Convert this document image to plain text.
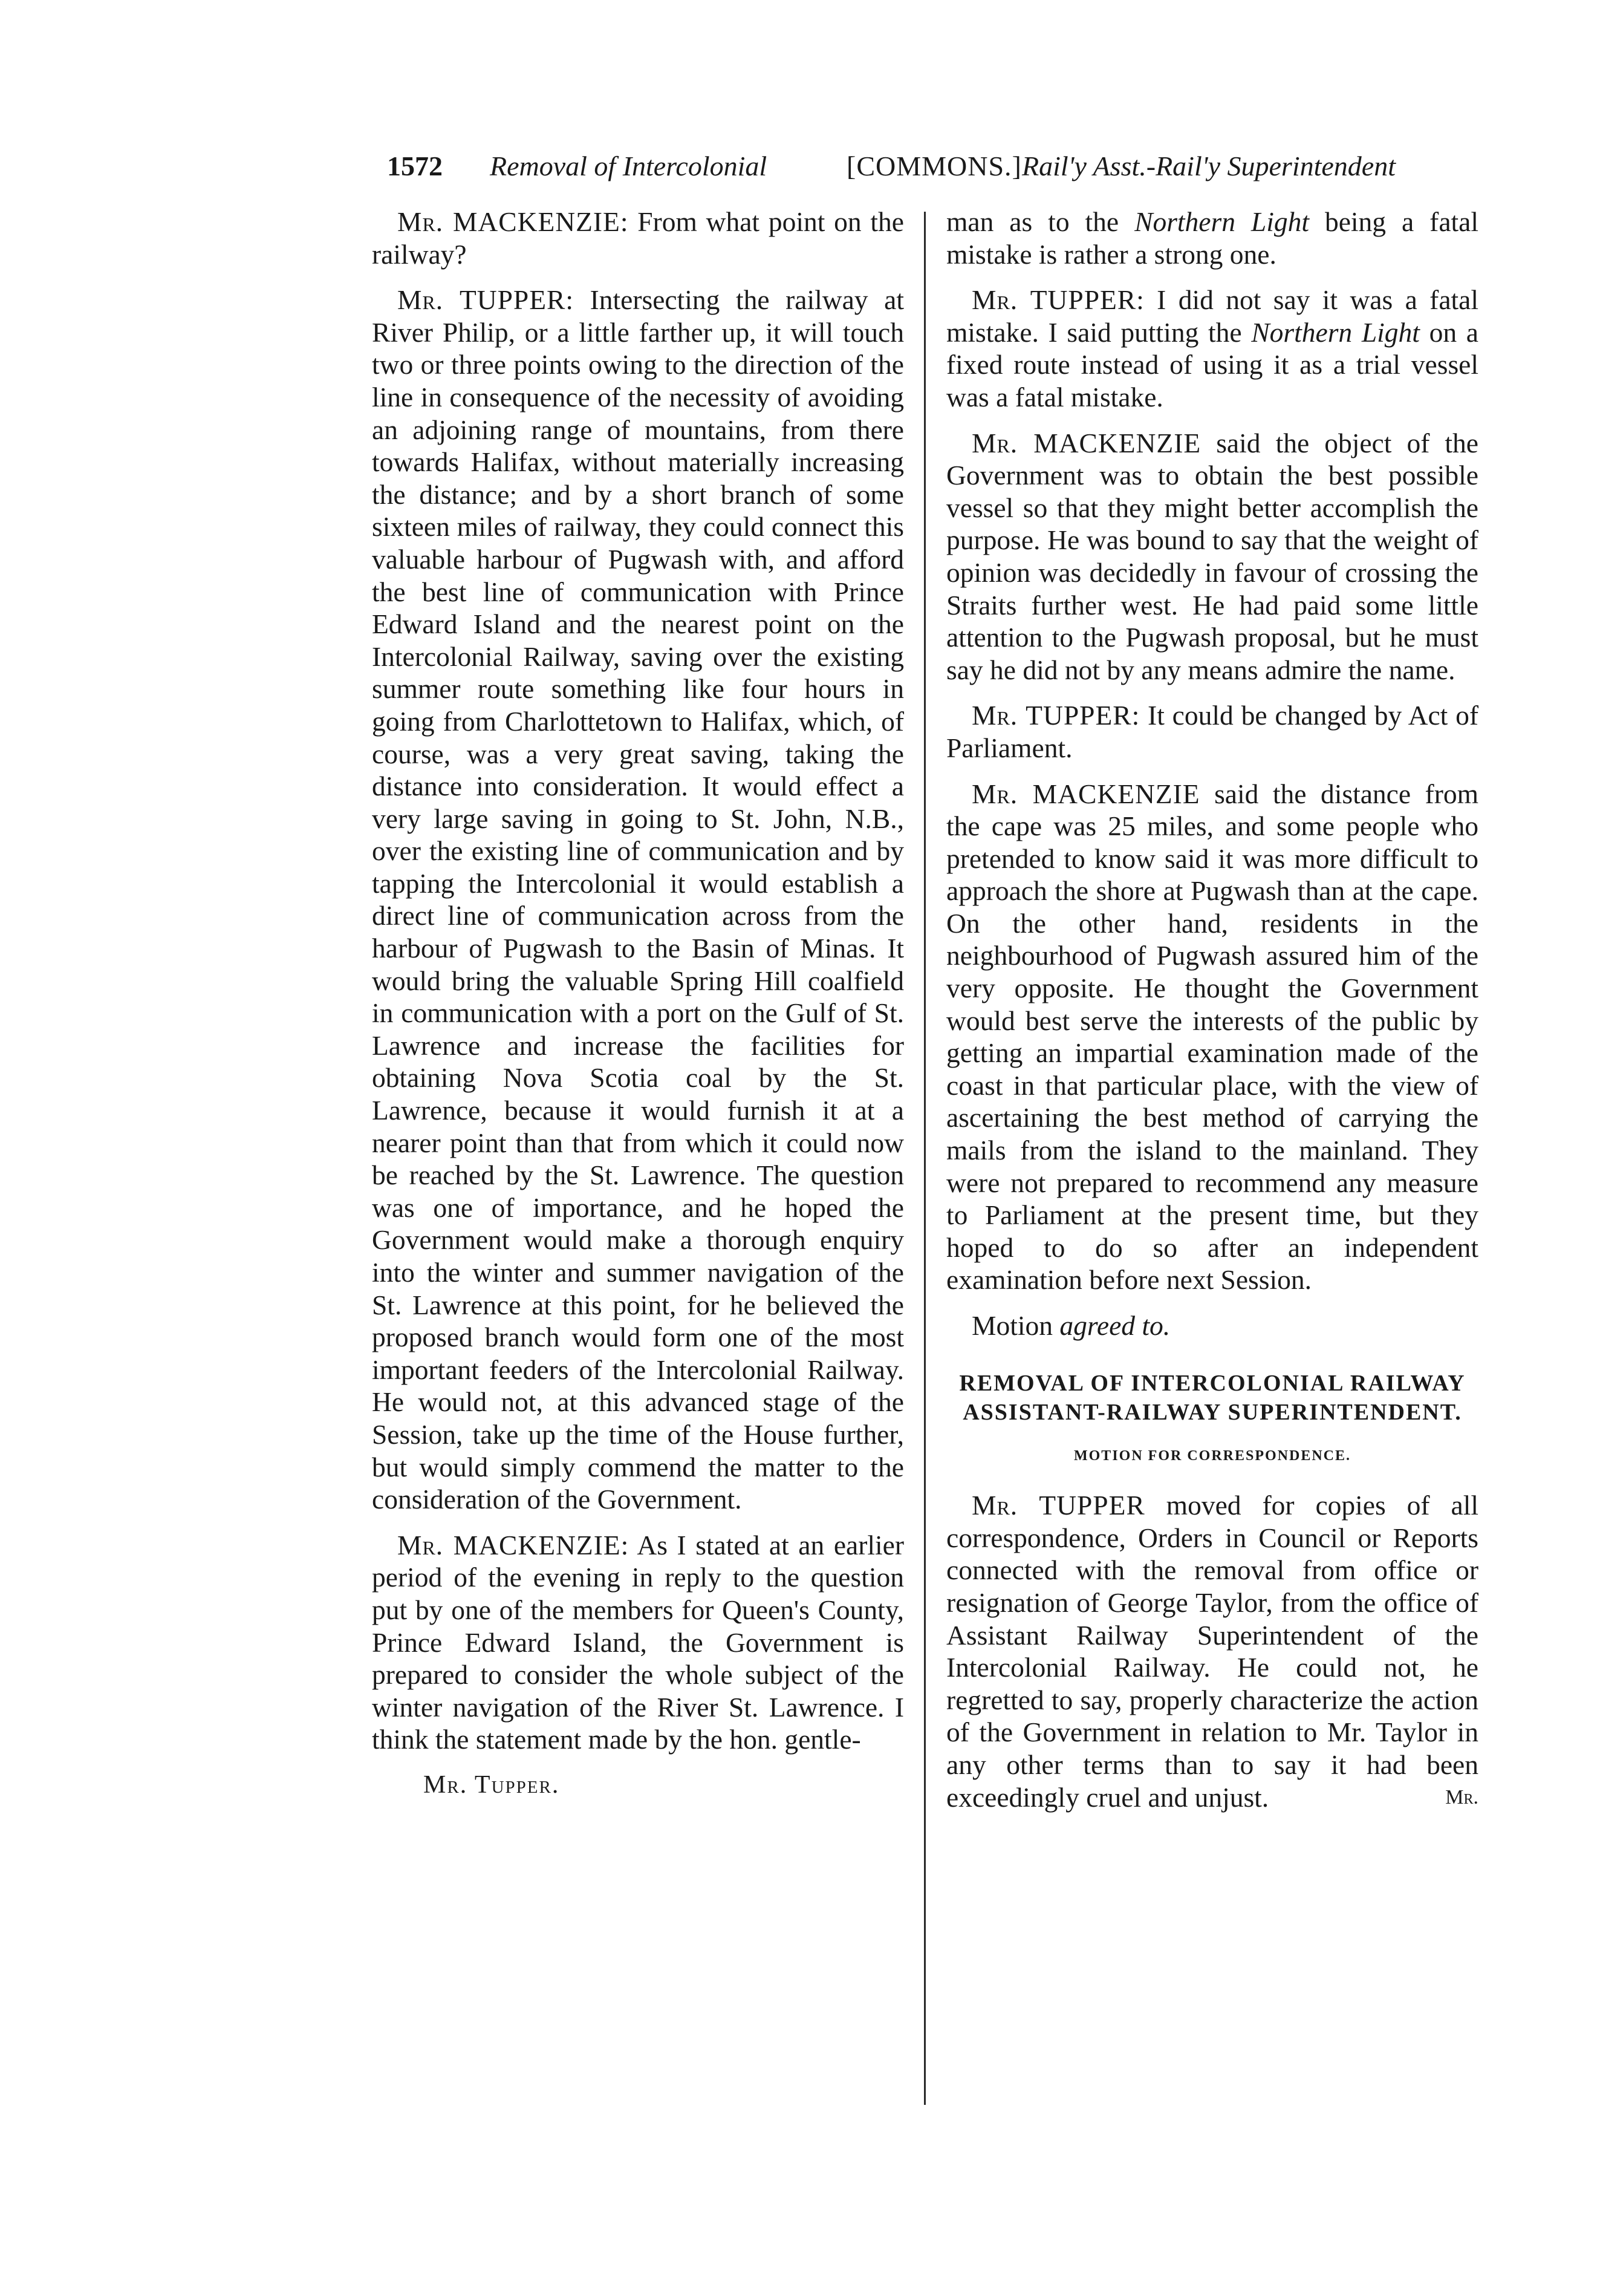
1572 Removal of Intercolonial	[COMMONS.] Rail'y Asst.-Rail'y Superintendent

Mr. MACKENZIE: From what point on the railway?

Mr. TUPPER: Intersecting the railway at River Philip, or a little farther up, it will touch two or three points owing to the direction of the line in consequence of the necessity of avoiding an adjoining range of mountains, from there towards Halifax, without materially increasing the distance; and by a short branch of some sixteen miles of railway, they could connect this valuable harbour of Pugwash with, and afford the best line of communication with Prince Edward Island and the nearest point on the Intercolonial Railway, saving over the existing summer route something like four hours in going from Charlottetown to Halifax, which, of course, was a very great saving, taking the distance into consideration. It would effect a very large saving in going to St. John, N.B., over the existing line of communication and by tapping the Intercolonial it would establish a direct line of communication across from the harbour of Pugwash to the Basin of Minas. It would bring the valuable Spring Hill coalfield in communication with a port on the Gulf of St. Lawrence and increase the facilities for obtaining Nova Scotia coal by the St. Lawrence, because it would furnish it at a nearer point than that from which it could now be reached by the St. Lawrence. The question was one of importance, and he hoped the Government would make a thorough enquiry into the winter and summer navigation of the St. Lawrence at this point, for he believed the proposed branch would form one of the most important feeders of the Intercolonial Railway. He would not, at this advanced stage of the Session, take up the time of the House further, but would simply commend the matter to the consideration of the Government.

Mr. MACKENZIE: As I stated at an earlier period of the evening in reply to the question put by one of the members for Queen's County, Prince Edward Island, the Government is prepared to consider the whole subject of the winter navigation of the River St. Lawrence. I think the statement made by the hon. gentle-

Mr. Tupper.

man as to the Northern Light being a fatal mistake is rather a strong one.

Mr. TUPPER: I did not say it was a fatal mistake. I said putting the Northern Light on a fixed route instead of using it as a trial vessel was a fatal mistake.

Mr. MACKENZIE said the object of the Government was to obtain the best possible vessel so that they might better accomplish the purpose. He was bound to say that the weight of opinion was decidedly in favour of crossing the Straits further west. He had paid some little attention to the Pugwash proposal, but he must say he did not by any means admire the name.

Mr. TUPPER: It could be changed by Act of Parliament.

Mr. MACKENZIE said the distance from the cape was 25 miles, and some people who pretended to know said it was more difficult to approach the shore at Pugwash than at the cape. On the other hand, residents in the neighbourhood of Pugwash assured him of the very opposite. He thought the Government would best serve the interests of the public by getting an impartial examination made of the coast in that particular place, with the view of ascertaining the best method of carrying the mails from the island to the mainland. They were not prepared to recommend any measure to Parliament at the present time, but they hoped to do so after an independent examination before next Session.

Motion agreed to.

REMOVAL OF INTERCOLONIAL RAILWAY ASSISTANT-RAILWAY SUPERINTENDENT.

MOTION FOR CORRESPONDENCE.

Mr. TUPPER moved for copies of all correspondence, Orders in Council or Reports connected with the removal from office or resignation of George Taylor, from the office of Assistant Railway Superintendent of the Intercolonial Railway. He could not, he regretted to say, properly characterize the action of the Government in relation to Mr. Taylor in any other terms than to say it had been exceedingly cruel and unjust.	Mr.
